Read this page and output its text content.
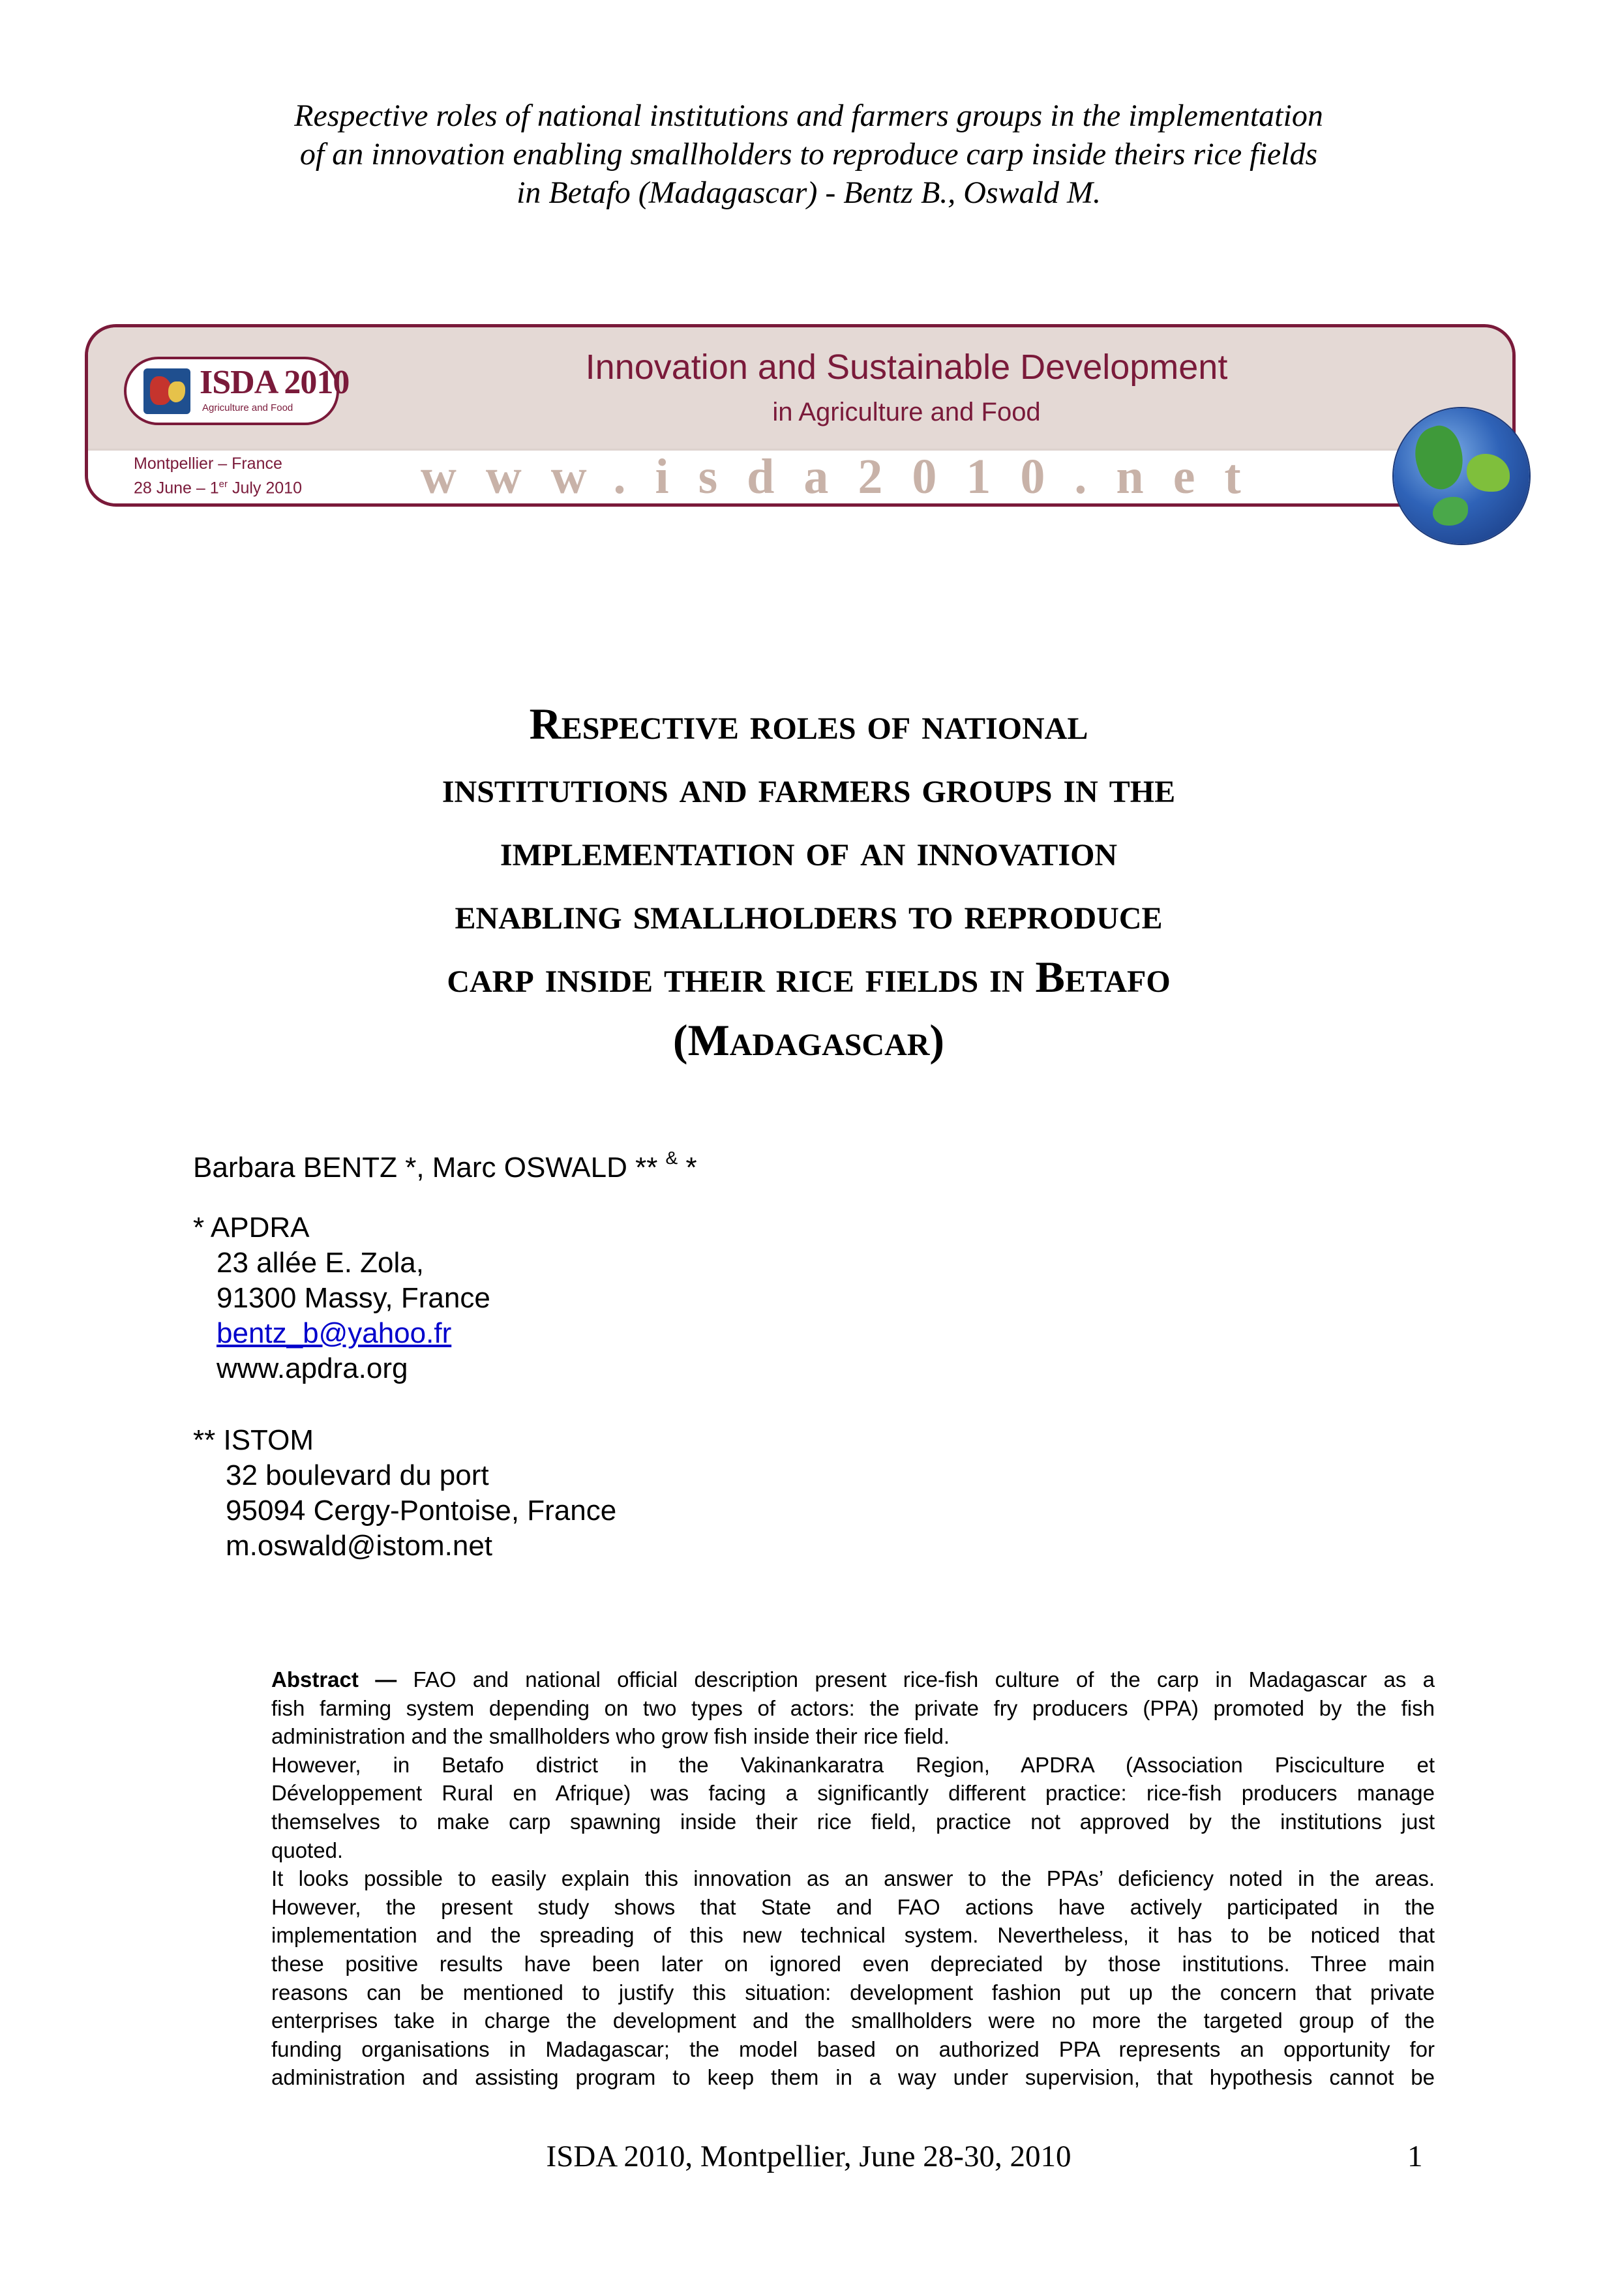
Respective roles of national institutions and farmers groups in the implementation
of an innovation enabling smallholders to reproduce carp inside theirs rice fields
in Betafo (Madagascar) - Bentz B., Oswald M.
ISDA 2010
Agriculture and Food
Innovation and Sustainable Development
in Agriculture and Food
Montpellier – France
28 June – 1er July 2010 www.isda2010.net
Respective roles of national
institutions and farmers groups in the
implementation of an innovation
enabling smallholders to reproduce
carp inside their rice fields in Betafo
(Madagascar)
Barbara BENTZ *, Marc OSWALD ** & *
* APDRA
23 allée E. Zola,
91300 Massy, France
bentz_b@yahoo.fr
www.apdra.org
** ISTOM
32 boulevard du port
95094 Cergy-Pontoise, France
m.oswald@istom.net
Abstract — FAO and national official description present rice-fish culture of the carp in Madagascar as a
fish farming system depending on two types of actors: the private fry producers (PPA) promoted by the fish
administration and the smallholders who grow fish inside their rice field.
However, in Betafo district in the Vakinankaratra Region, APDRA (Association Pisciculture et
Développement Rural en Afrique) was facing a significantly different practice: rice-fish producers manage
themselves to make carp spawning inside their rice field, practice not approved by the institutions just
quoted.
It looks possible to easily explain this innovation as an answer to the PPAs’ deficiency noted in the areas.
However, the present study shows that State and FAO actions have actively participated in the
implementation and the spreading of this new technical system. Nevertheless, it has to be noticed that
these positive results have been later on ignored even depreciated by those institutions. Three main
reasons can be mentioned to justify this situation: development fashion put up the concern that private
enterprises take in charge the development and the smallholders were no more the targeted group of the
funding organisations in Madagascar; the model based on authorized PPA represents an opportunity for
administration and assisting program to keep them in a way under supervision, that hypothesis cannot be
ISDA 2010, Montpellier, June 28-30, 2010	1
